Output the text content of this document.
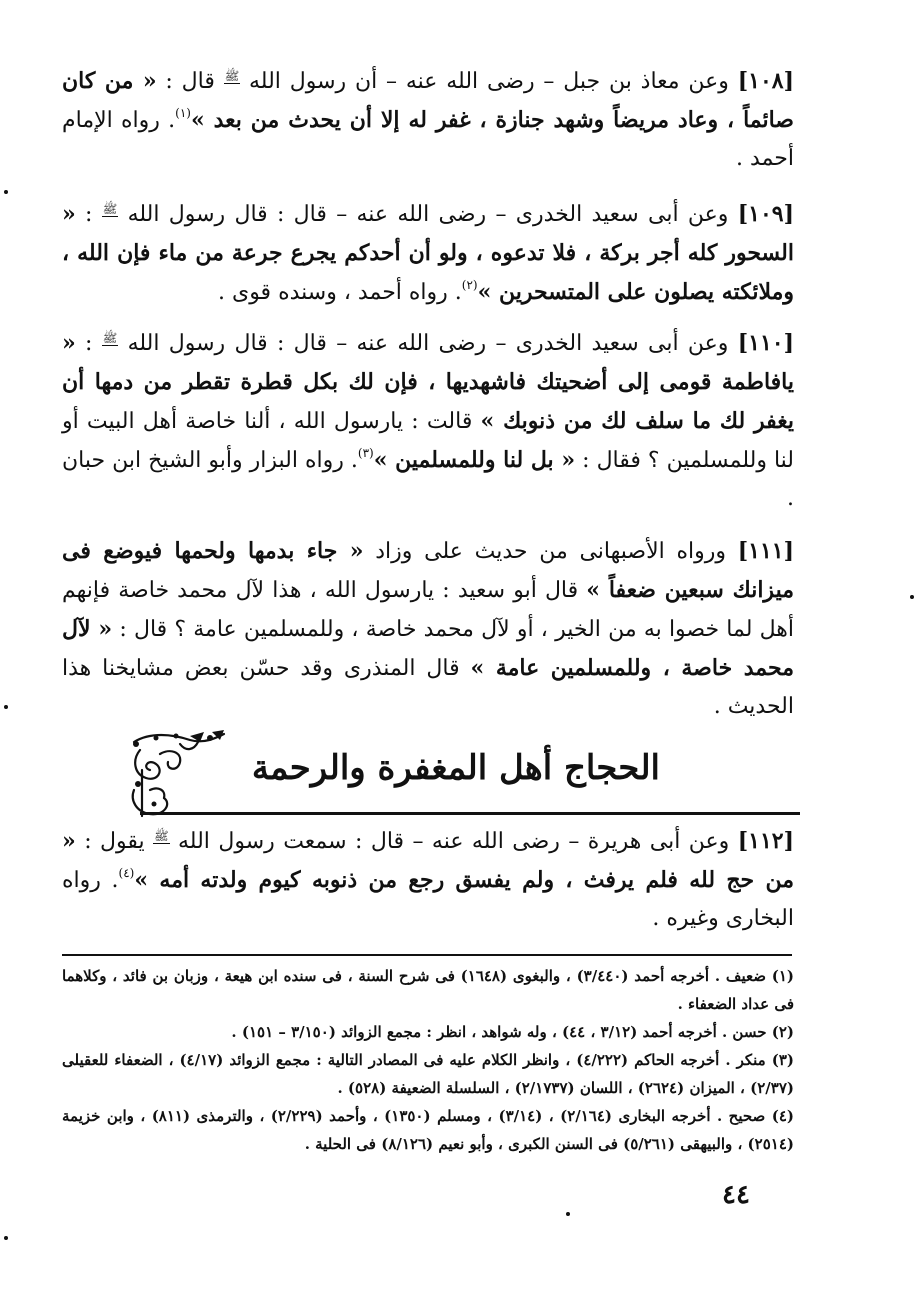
[١٠٨] وعن معاذ بن جبل – رضى الله عنه – أن رسول الله $^ﷺ$ قال : « من كان صائماً ، وعاد مريضاً وشهد جنازة ، غفر له إلا أن يحدث من بعد »$^{(١)}$. رواه الإمام أحمد .
[١٠٩] وعن أبى سعيد الخدرى – رضى الله عنه – قال : قال رسول الله $^ﷺ$ : « السحور كله أجر بركة ، فلا تدعوه ، ولو أن أحدكم يجرع جرعة من ماء فإن الله ، وملائكته يصلون على المتسحرين »$^{(٢)}$. رواه أحمد ، وسنده قوى .
[١١٠] وعن أبى سعيد الخدرى – رضى الله عنه – قال : قال رسول الله $^ﷺ$ : « يافاطمة قومى إلى أضحيتك فاشهديها ، فإن لك بكل قطرة تقطر من دمها أن يغفر لك ما سلف لك من ذنوبك » قالت : يارسول الله ، ألنا خاصة أهل البيت أو لنا وللمسلمين ؟ فقال : « بل لنا وللمسلمين »$^{(٣)}$. رواه البزار وأبو الشيخ ابن حبان .
[١١١] ورواه الأصبهانى من حديث على وزاد « جاء بدمها ولحمها فيوضع فى ميزانك سبعين ضعفاً » قال أبو سعيد : يارسول الله ، هذا لآل محمد خاصة فإنهم أهل لما خصوا به من الخير ، أو لآل محمد خاصة ، وللمسلمين عامة ؟ قال : « لآل محمد خاصة ، وللمسلمين عامة » قال المنذرى وقد حسّن بعض مشايخنا هذا الحديث .
الحجاج أهل المغفرة والرحمة
[١١٢] وعن أبى هريرة – رضى الله عنه – قال : سمعت رسول الله $^ﷺ$ يقول : « من حج لله فلم يرفث ، ولم يفسق رجع من ذنوبه كيوم ولدته أمه »$^{(٤)}$. رواه البخارى وغيره .

(١) ضعيف . أخرجه أحمد (٣/٤٤٠) ، والبغوى (١٦٤٨) فى شرح السنة ، فى سنده ابن هيعة ، وزبان بن فائد ، وكلاهما فى عداد الضعفاء .

(٢) حسن . أخرجه أحمد (٣/١٢ ، ٤٤) ، وله شواهد ، انظر : مجمع الزوائد (٣/١٥٠ – ١٥١) .

(٣) منكر . أخرجه الحاكم (٤/٢٢٢) ، وانظر الكلام عليه فى المصادر التالية : مجمع الزوائد (٤/١٧) ، الضعفاء للعقيلى (٢/٣٧) ، الميزان (٢٦٢٤) ، اللسان (٢/١٧٣٧) ، السلسلة الضعيفة (٥٢٨) .

(٤) صحيح . أخرجه البخارى (٢/١٦٤) ، (٣/١٤) ، ومسلم (١٣٥٠) ، وأحمد (٢/٢٢٩) ، والترمذى (٨١١) ، وابن خزيمة (٢٥١٤) ، والبيهقى (٥/٢٦١) فى السنن الكبرى ، وأبو نعيم (٨/١٢٦) فى الحلية .

٤٤
